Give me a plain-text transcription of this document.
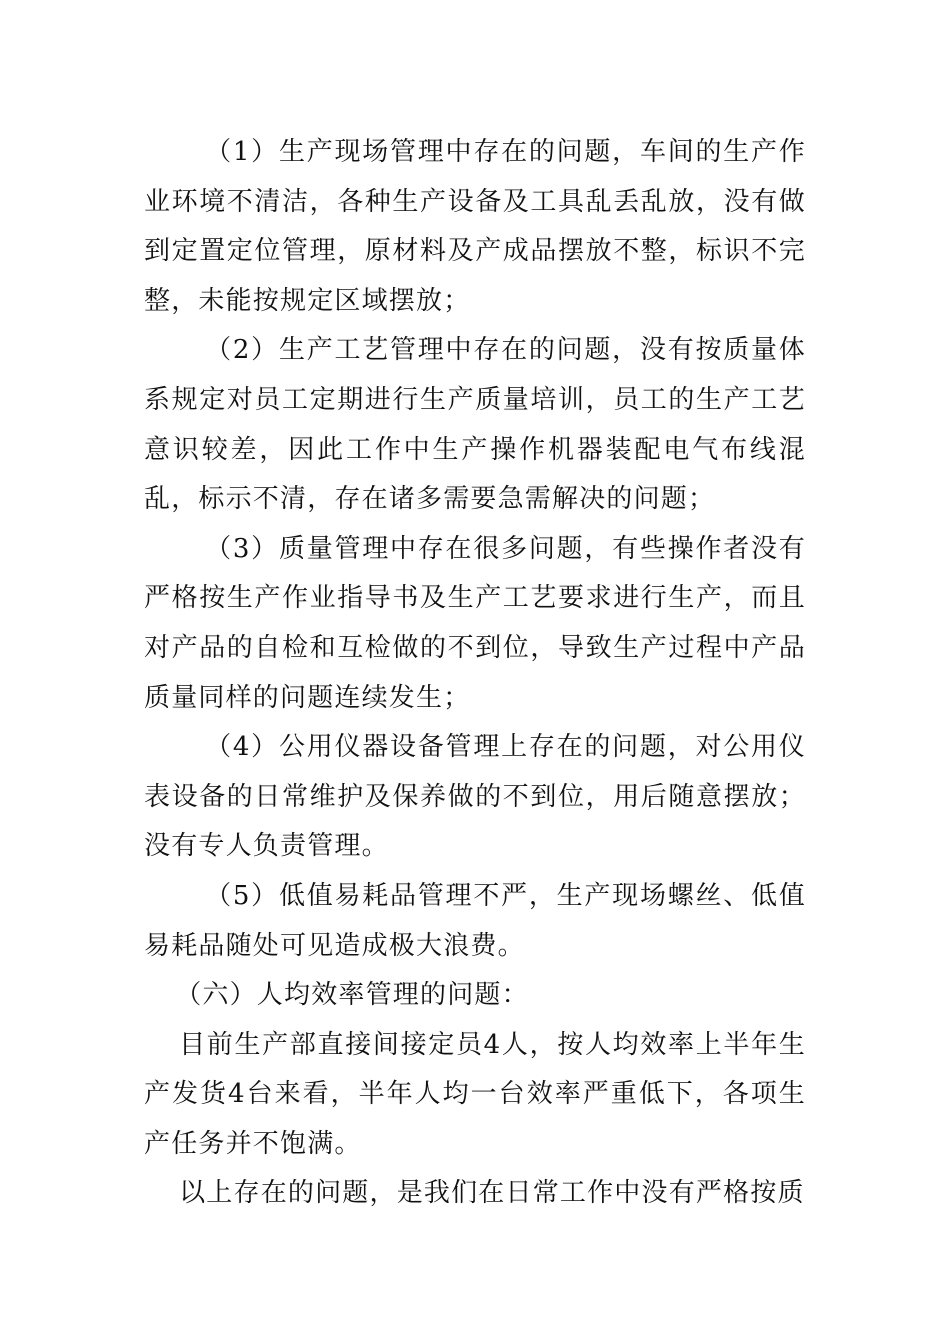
（1）生产现场管理中存在的问题，车间的生产作业环境不清洁，各种生产设备及工具乱丢乱放，没有做到定置定位管理，原材料及产成品摆放不整，标识不完整，未能按规定区域摆放；

（2）生产工艺管理中存在的问题，没有按质量体系规定对员工定期进行生产质量培训，员工的生产工艺意识较差，因此工作中生产操作机器装配电气布线混乱，标示不清，存在诸多需要急需解决的问题；

（3）质量管理中存在很多问题，有些操作者没有严格按生产作业指导书及生产工艺要求进行生产，而且对产品的自检和互检做的不到位，导致生产过程中产品质量同样的问题连续发生；

（4）公用仪器设备管理上存在的问题，对公用仪表设备的日常维护及保养做的不到位，用后随意摆放；没有专人负责管理。

（5）低值易耗品管理不严，生产现场螺丝、低值易耗品随处可见造成极大浪费。

（六）人均效率管理的问题：

目前生产部直接间接定员4人，按人均效率上半年生产发货4台来看，半年人均一台效率严重低下，各项生产任务并不饱满。

以上存在的问题，是我们在日常工作中没有严格按质
